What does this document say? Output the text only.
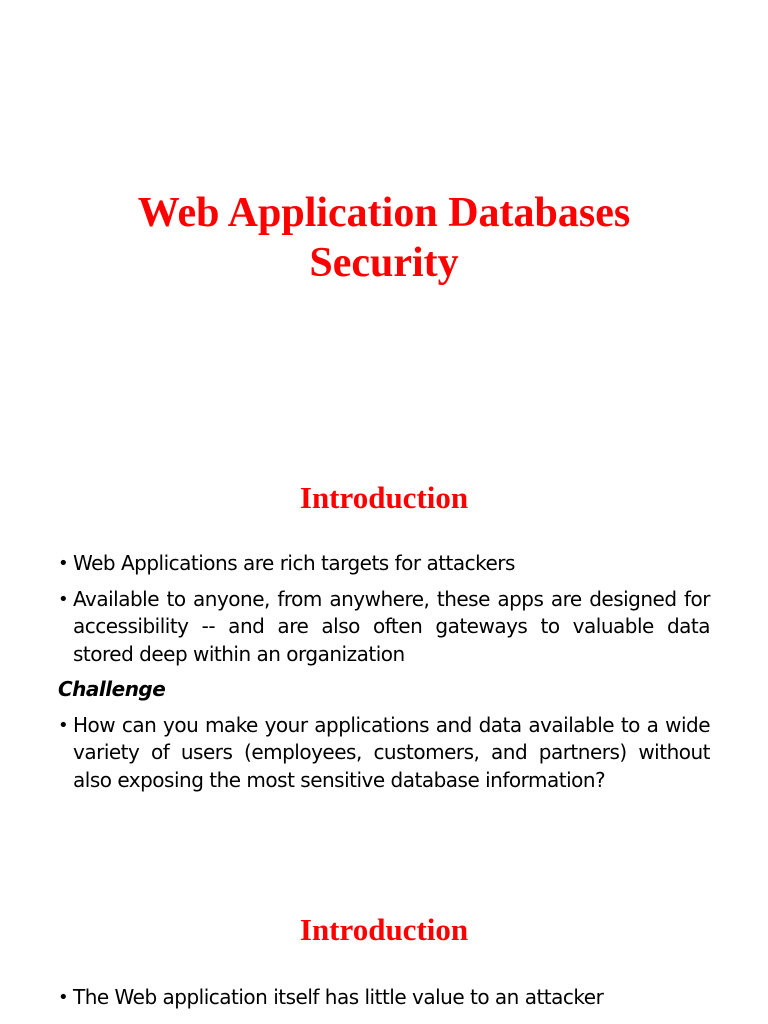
Web Application Databases
Security
Introduction
• Web Applications are rich targets for attackers
• Available to anyone, from anywhere, these apps are designed for accessibility -- and are also often gateways to valuable data stored deep within an organization
Challenge
• How can you make your applications and data available to a wide variety of users (employees, customers, and partners) without also exposing the most sensitive database information?
Introduction
• The Web application itself has little value to an attacker
